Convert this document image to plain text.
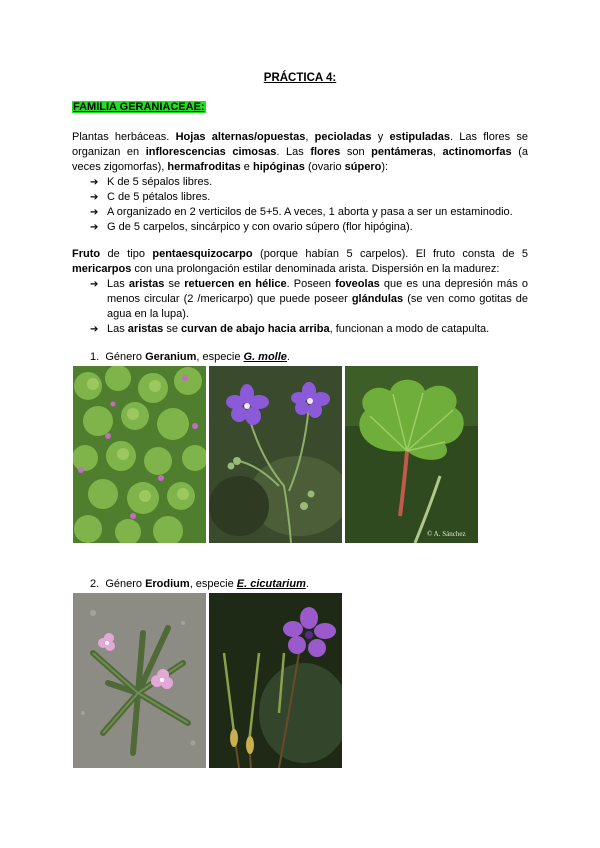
PRÁCTICA 4:
FAMILIA GERANIACEAE:
Plantas herbáceas. Hojas alternas/opuestas, pecioladas y estipuladas. Las flores se organizan en inflorescencias cimosas. Las flores son pentámeras, actinomorfas (a veces zigomorfas), hermafroditas e hipóginas (ovario súpero):
➔ K de 5 sépalos libres.
➔ C de 5 pétalos libres.
➔ A organizado en 2 verticilos de 5+5. A veces, 1 aborta y pasa a ser un estaminodio.
➔ G de 5 carpelos, sincárpico y con ovario súpero (flor hipógina).
Fruto de tipo pentaesquizocarpo (porque habían 5 carpelos). El fruto consta de 5 mericarpos con una prolongación estilar denominada arista. Dispersión en la madurez:
➔ Las aristas se retuercen en hélice. Poseen foveolas que es una depresión más o menos circular (2 /mericarpo) que puede poseer glándulas (se ven como gotitas de agua en la lupa).
➔ Las aristas se curvan de abajo hacia arriba, funcionan a modo de catapulta.
1. Género Geranium, especie G. molle.
© A. Sánchez
2. Género Erodium, especie E. cicutarium.
